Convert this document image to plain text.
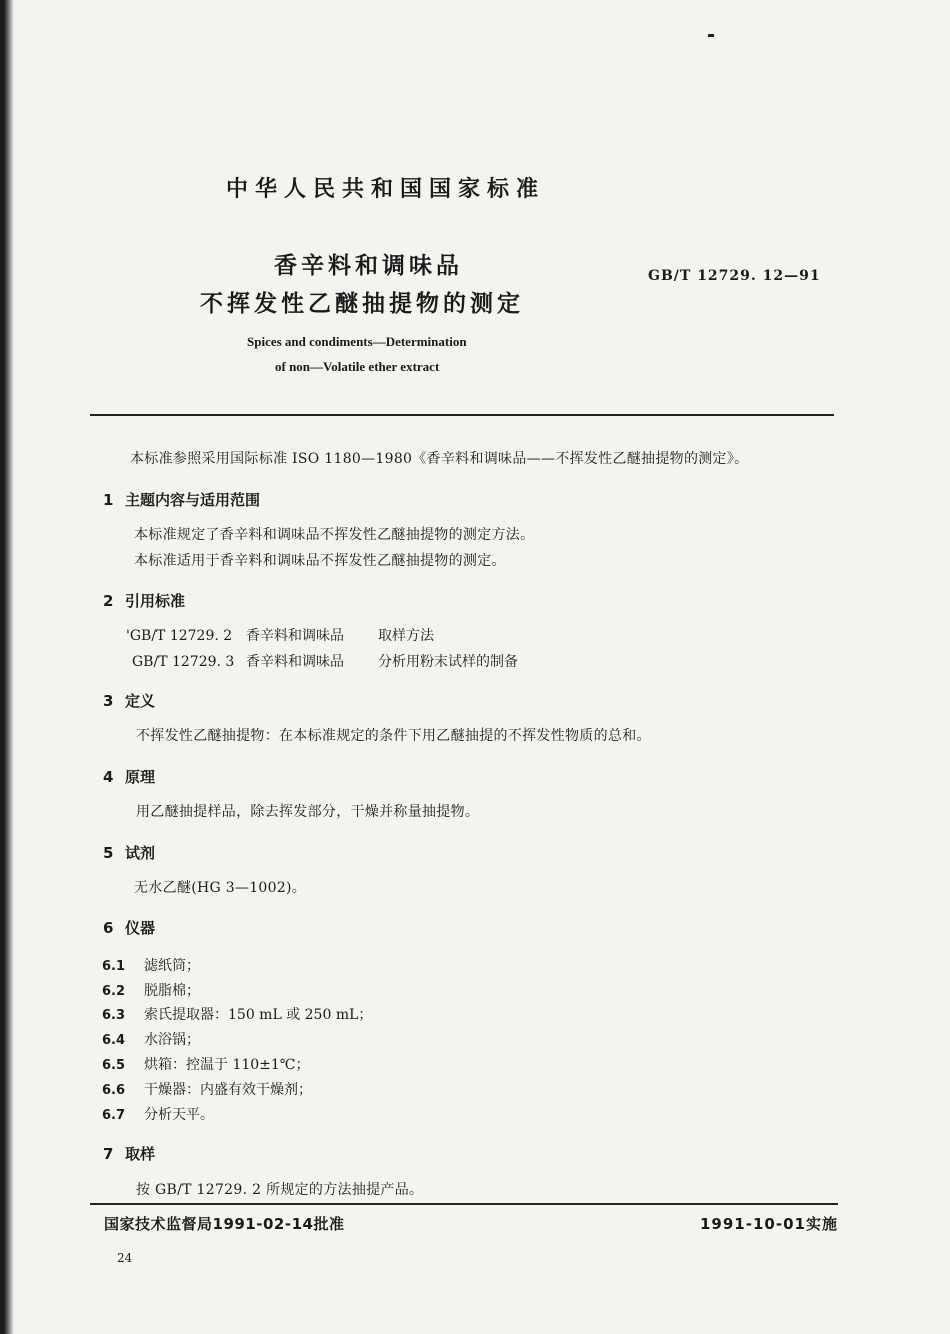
中华人民共和国国家标准
香辛料和调味品
不挥发性乙醚抽提物的测定
GB/T 12729. 12—91
Spices and condiments—Determination
of non—Volatile ether extract
本标准参照采用国际标准 ISO 1180—1980《香辛料和调味品——不挥发性乙醚抽提物的测定》。
1 主题内容与适用范围
本标准规定了香辛料和调味品不挥发性乙醚抽提物的测定方法。
本标准适用于香辛料和调味品不挥发性乙醚抽提物的测定。
2 引用标准
'GB/T 12729. 2 香辛料和调味品 取样方法
GB/T 12729. 3 香辛料和调味品 分析用粉末试样的制备
3 定义
不挥发性乙醚抽提物：在本标准规定的条件下用乙醚抽提的不挥发性物质的总和。
4 原理
用乙醚抽提样品，除去挥发部分，干燥并称量抽提物。
5 试剂
无水乙醚(HG 3—1002)。
6 仪器
6.1 滤纸筒；
6.2 脱脂棉；
6.3 索氏提取器：150 mL 或 250 mL；
6.4 水浴锅；
6.5 烘箱：控温于 110±1℃；
6.6 干燥器：内盛有效干燥剂；
6.7 分析天平。
7 取样
按 GB/T 12729. 2 所规定的方法抽提产品。
国家技术监督局1991-02-14批准	1991-10-01实施
24
